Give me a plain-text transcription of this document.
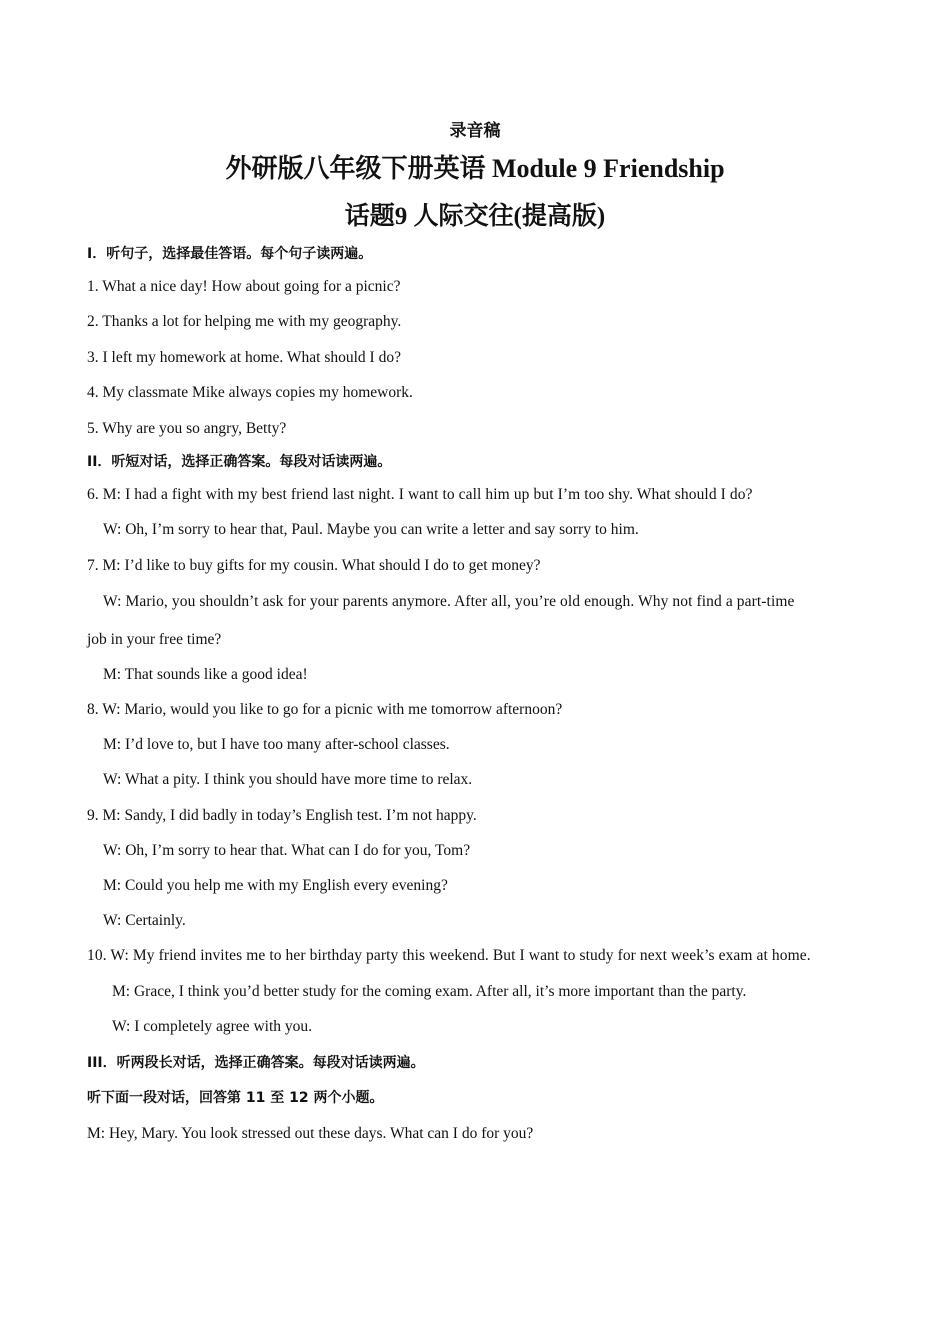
录音稿
外研版八年级下册英语 Module 9 Friendship
话题9 人际交往(提高版)
I．听句子，选择最佳答语。每个句子读两遍。
1. What a nice day! How about going for a picnic?
2. Thanks a lot for helping me with my geography.
3. I left my homework at home. What should I do?
4. My classmate Mike always copies my homework.
5. Why are you so angry, Betty?
II．听短对话，选择正确答案。每段对话读两遍。
6. M: I had a fight with my best friend last night. I want to call him up but I’m too shy. What should I do?
W: Oh, I’m sorry to hear that, Paul. Maybe you can write a letter and say sorry to him.
7. M: I’d like to buy gifts for my cousin. What should I do to get money?
W: Mario, you shouldn’t ask for your parents anymore. After all, you’re old enough. Why not find a part-time
job in your free time?
M: That sounds like a good idea!
8. W: Mario, would you like to go for a picnic with me tomorrow afternoon?
M: I’d love to, but I have too many after-school classes.
W: What a pity. I think you should have more time to relax.
9. M: Sandy, I did badly in today’s English test. I’m not happy.
W: Oh, I’m sorry to hear that. What can I do for you, Tom?
M: Could you help me with my English every evening?
W: Certainly.
10. W: My friend invites me to her birthday party this weekend. But I want to study for next week’s exam at home.
M: Grace, I think you’d better study for the coming exam. After all, it’s more important than the party.
W: I completely agree with you.
III．听两段长对话，选择正确答案。每段对话读两遍。
听下面一段对话，回答第 11 至 12 两个小题。
M: Hey, Mary. You look stressed out these days. What can I do for you?
